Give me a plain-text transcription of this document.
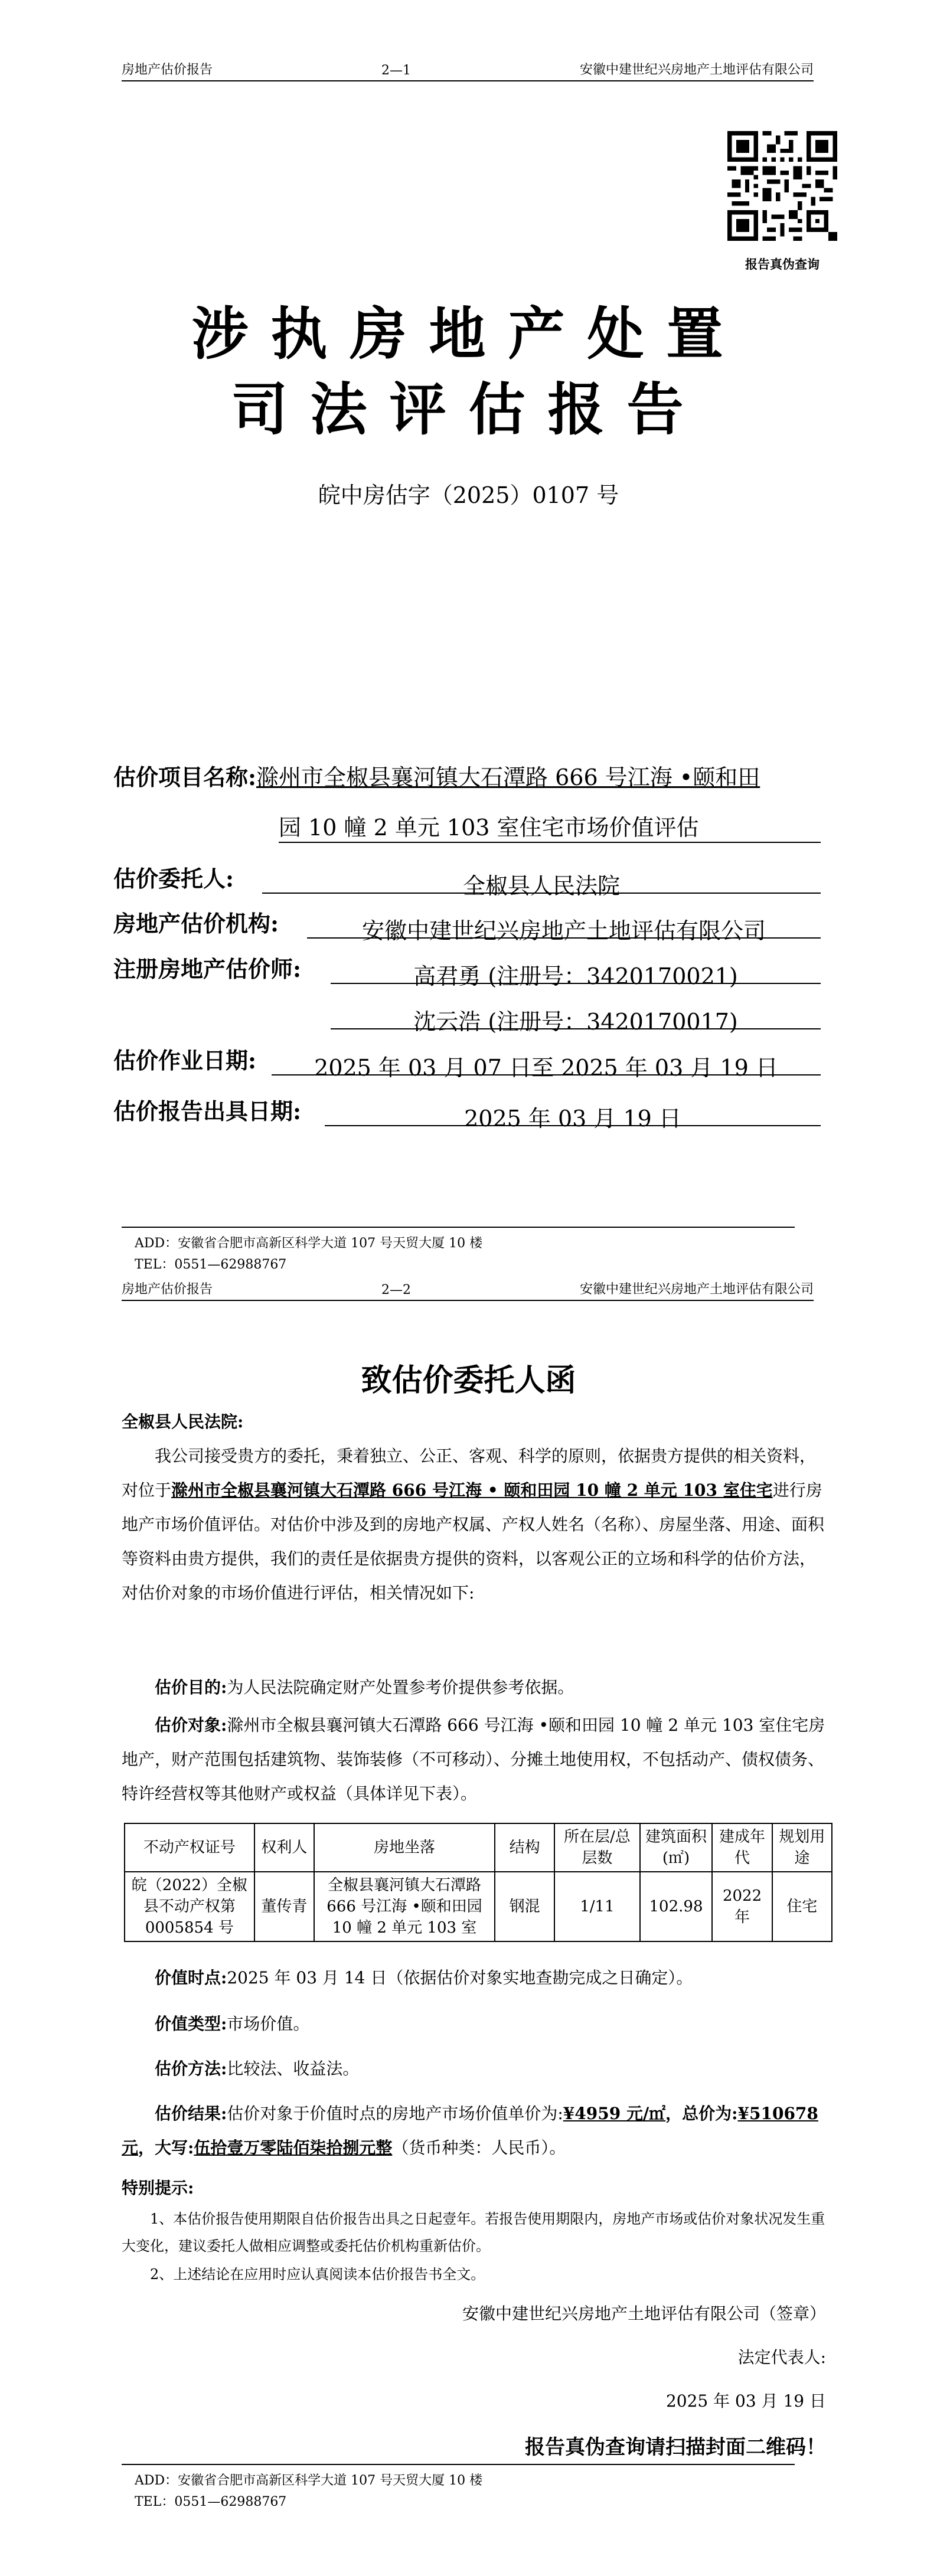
房地产估价报告	2—1	安徽中建世纪兴房地产土地评估有限公司
报告真伪查询
涉执房地产处置
司法评估报告
皖中房估字（2025）0107 号
估价项目名称:滁州市全椒县襄河镇大石潭路 666 号江海 •颐和田
园 10 幢 2 单元 103 室住宅市场价值评估
估价委托人:	全椒县人民法院
房地产估价机构:	安徽中建世纪兴房地产土地评估有限公司
注册房地产估价师:	高君勇 (注册号：3420170021)
沈云浩 (注册号：3420170017)
估价作业日期:	2025 年 03 月 07 日至 2025 年 03 月 19 日
估价报告出具日期:	2025 年 03 月 19 日
ADD：安徽省合肥市高新区科学大道 107 号天贸大厦 10 楼
TEL：0551—62988767
房地产估价报告	2—2	安徽中建世纪兴房地产土地评估有限公司
致估价委托人函
全椒县人民法院:
我公司接受贵方的委托，秉着独立、公正、客观、科学的原则，依据贵方提供的相关资料，对位于滁州市全椒县襄河镇大石潭路 666 号江海 • 颐和田园 10 幢 2 单元 103 室住宅进行房地产市场价值评估。对估价中涉及到的房地产权属、产权人姓名（名称）、房屋坐落、用途、面积等资料由贵方提供，我们的责任是依据贵方提供的资料，以客观公正的立场和科学的估价方法，对估价对象的市场价值进行评估，相关情况如下:
估价目的:为人民法院确定财产处置参考价提供参考依据。
估价对象:滁州市全椒县襄河镇大石潭路 666 号江海 •颐和田园 10 幢 2 单元 103 室住宅房地产，财产范围包括建筑物、装饰装修（不可移动）、分摊土地使用权，不包括动产、债权债务、特许经营权等其他财产或权益（具体详见下表）。
不动产权证号	权利人	房地坐落	结构	所在层/总层数	建筑面积(㎡)	建成年代	规划用途
皖（2022）全椒县不动产权第 0005854 号	董传青	全椒县襄河镇大石潭路 666 号江海 •颐和田园 10 幢 2 单元 103 室	钢混	1/11	102.98	2022 年	住宅
价值时点:2025 年 03 月 14 日（依据估价对象实地查勘完成之日确定）。
价值类型:市场价值。
估价方法:比较法、收益法。
估价结果:估价对象于价值时点的房地产市场价值单价为:¥4959 元/㎡，总价为:¥510678 元，大写:伍拾壹万零陆佰柒拾捌元整（货币种类：人民币）。
特别提示:
1、本估价报告使用期限自估价报告出具之日起壹年。若报告使用期限内，房地产市场或估价对象状况发生重大变化，建议委托人做相应调整或委托估价机构重新估价。
2、上述结论在应用时应认真阅读本估价报告书全文。
安徽中建世纪兴房地产土地评估有限公司（签章）
法定代表人:
2025 年 03 月 19 日
报告真伪查询请扫描封面二维码！
ADD：安徽省合肥市高新区科学大道 107 号天贸大厦 10 楼
TEL：0551—62988767
